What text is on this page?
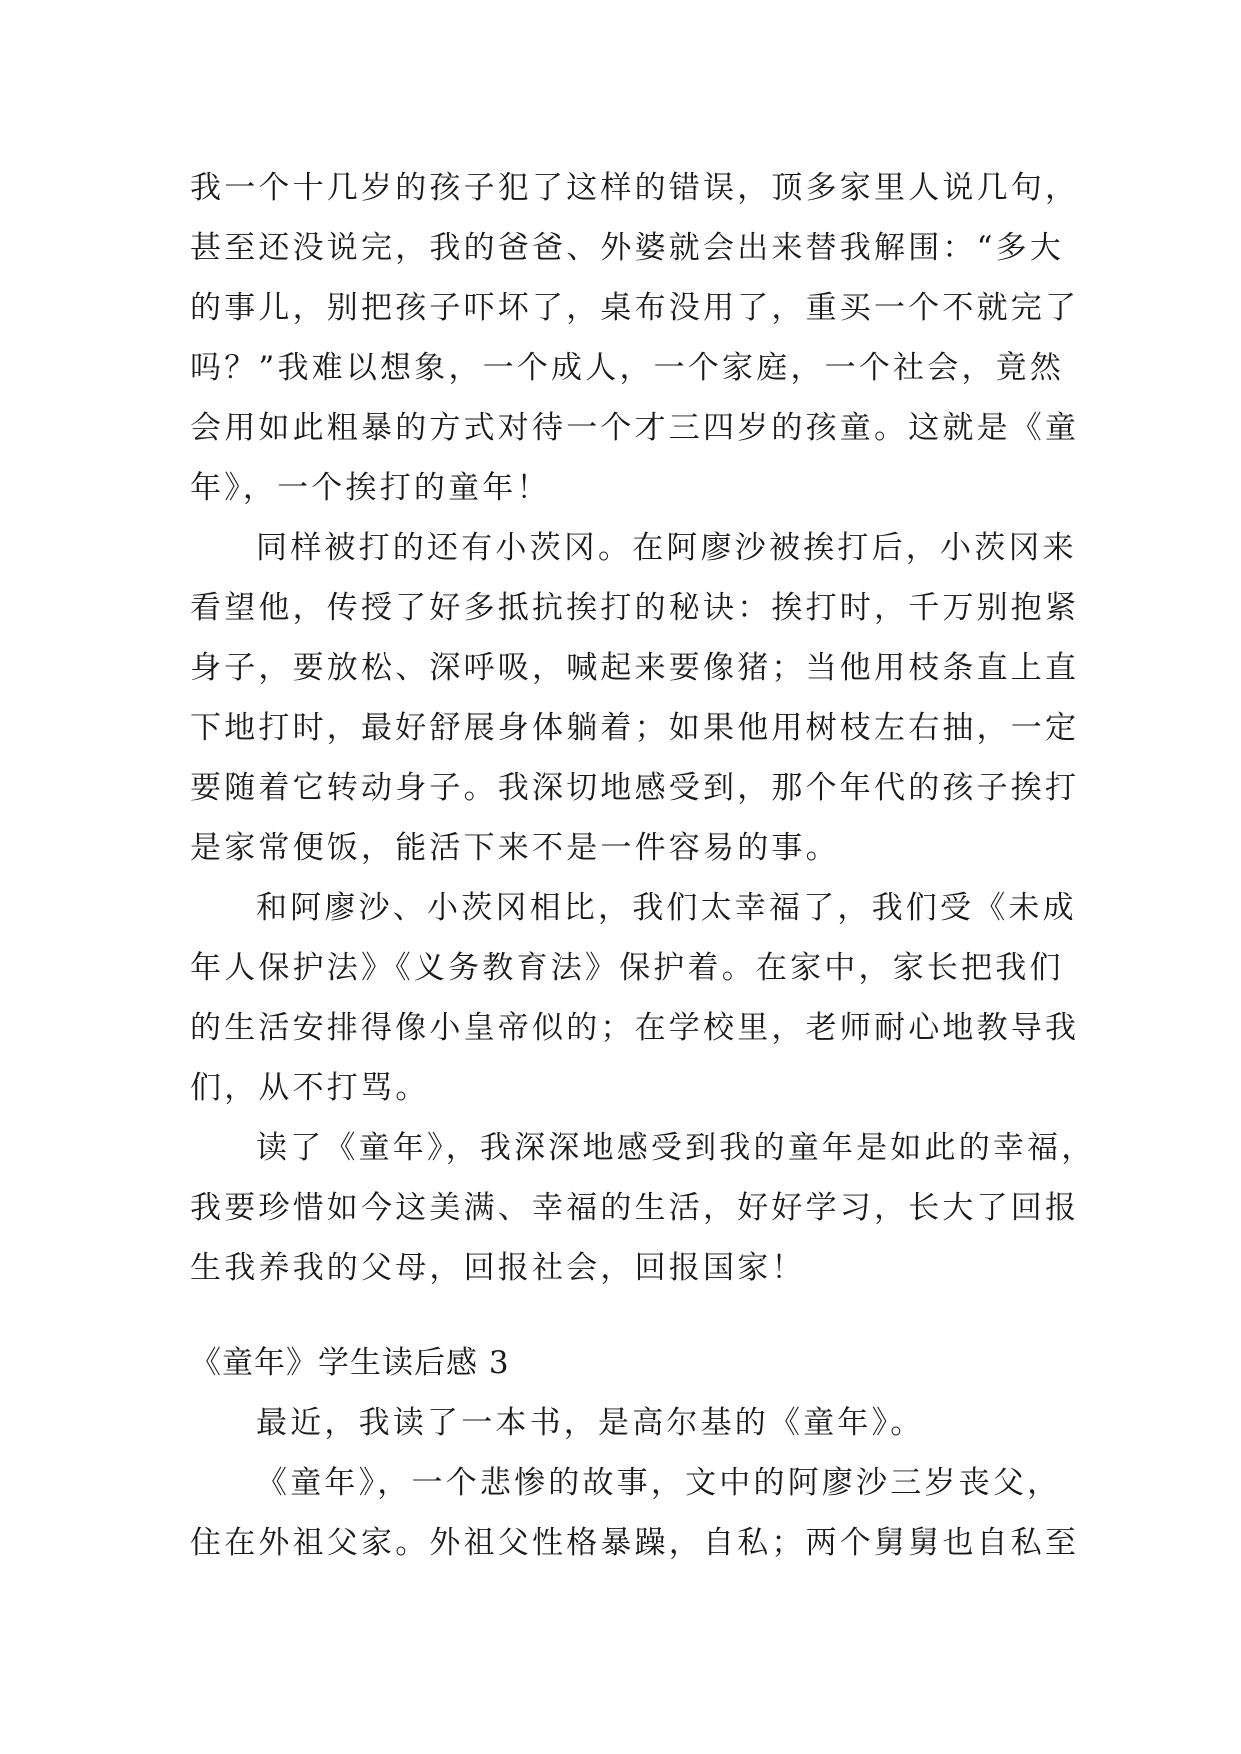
我一个十几岁的孩子犯了这样的错误，顶多家里人说几句，
甚至还没说完，我的爸爸、外婆就会出来替我解围：“多大
的事儿，别把孩子吓坏了，桌布没用了，重买一个不就完了
吗？”我难以想象，一个成人，一个家庭，一个社会，竟然
会用如此粗暴的方式对待一个才三四岁的孩童。这就是《童
年》，一个挨打的童年！
同样被打的还有小茨冈。在阿廖沙被挨打后，小茨冈来
看望他，传授了好多抵抗挨打的秘诀：挨打时，千万别抱紧
身子，要放松、深呼吸，喊起来要像猪；当他用枝条直上直
下地打时，最好舒展身体躺着；如果他用树枝左右抽，一定
要随着它转动身子。我深切地感受到，那个年代的孩子挨打
是家常便饭，能活下来不是一件容易的事。
和阿廖沙、小茨冈相比，我们太幸福了，我们受《未成
年人保护法》《义务教育法》保护着。在家中，家长把我们
的生活安排得像小皇帝似的；在学校里，老师耐心地教导我
们，从不打骂。
读了《童年》，我深深地感受到我的童年是如此的幸福，
我要珍惜如今这美满、幸福的生活，好好学习，长大了回报
生我养我的父母，回报社会，回报国家！
《童年》学生读后感 3
最近，我读了一本书，是高尔基的《童年》。
《童年》，一个悲惨的故事，文中的阿廖沙三岁丧父，
住在外祖父家。外祖父性格暴躁，自私；两个舅舅也自私至
